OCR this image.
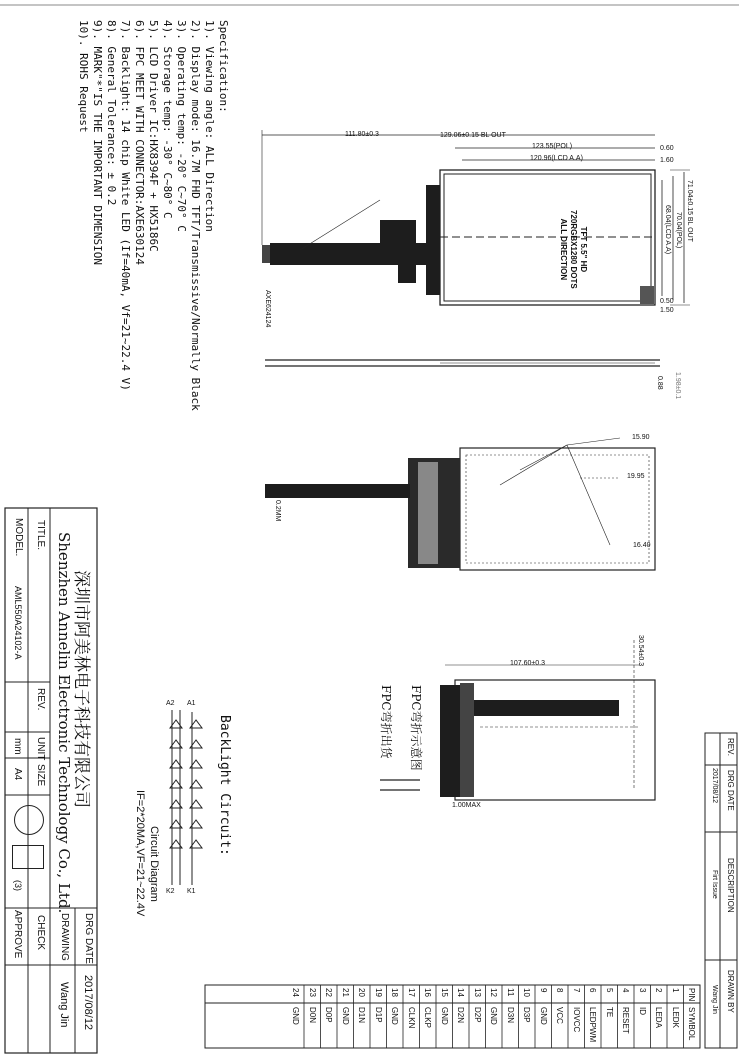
Specification:
1). Viewing angle: ALL Direction
2). Display mode: 16.7M FHD TFT/Transmissive/Normally Black
3). Operating temp: -20° C~70° C
4). Storage temp: -30° C~80° C
5). LCD Driver IC:HX8394F + HX5186C
6). FPC MEET WITH CONNECTOR:AXE630124
7). Backlight: 14 chip White LED (If=40mA, Vf=21~22.4 V)
8). General Tolerance: ± 0.2
9). MARK"*"IS THE IMPORTANT DIMENSION
10). ROHS Request
129.06±0.15 BL OUT
123.55(POL)
120.96(LCD A.A)
111.80±0.3
0.60
1.60
0.50
1.50
71.04±0.15 BL OUT
70.04(POL)
68.04(LCD A.A)
TFT 5.5" HD
720RGBX1280 DOTS
ALL DIRECTION
AXE624124
0.88 1.98±0.1
15.90
19.95
16.40
0.2MM
107.60±0.3	30.54±0.3
1.00MAX
FPC弯折示意图
FPC弯折出货
BackLight Circuit:
Circuit Diagram
IF=2*20MA,VF=21~22.4V
A1
A2
K1
K2
深圳市阿美林电子科技有限公司
Shenzhen Annelin Electronic Technology Co., Ltd.
TITLE.
MODEL.
AML550A24102-A
REV.
UNIT
mm
SIZE
A4
(3)
DRG DATE
2017/08/12
DRAWING
Wang Jin
CHECK
APPROVE
REV.
DRG DATE
DESCRIPTION
DRAWN BY
2017/08/12
Firt Issue
Wang Jin
PIN
SYMBOL
1
LEDK
2
LEDA
3
ID
4
RESET
5
TE
6
LEDPWM
7
IOVCC
8
VCC
9
GND
10
D3P
11
D3N
12
GND
13
D2P
14
D2N
15
GND
16
CLKP
17
CLKN
18
GND
19
D1P
20
D1N
21
GND
22
D0P
23
D0N
24
GND
